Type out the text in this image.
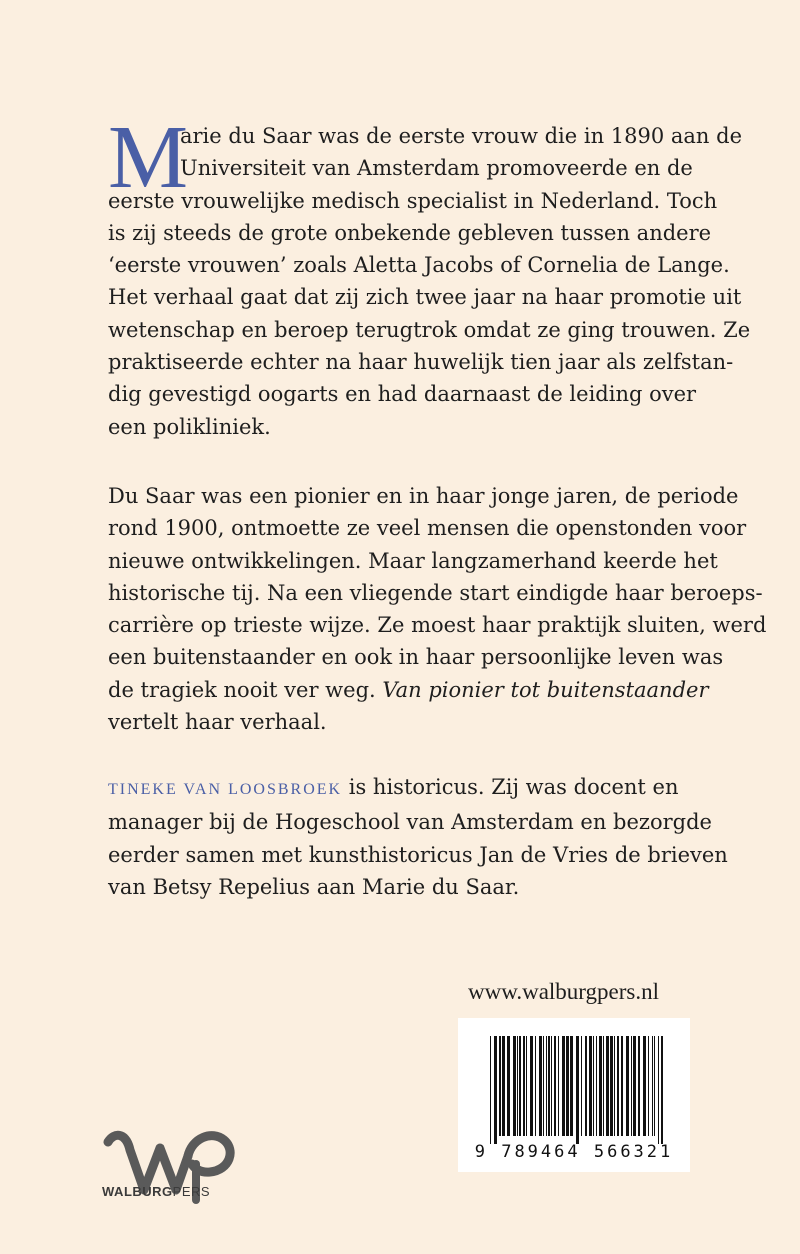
M
arie du Saar was de eerste vrouw die in 1890 aan de
Universiteit van Amsterdam promoveerde en de
eerste vrouwelijke medisch specialist in Nederland. Toch
is zij steeds de grote onbekende gebleven tussen andere
‘eerste vrouwen’ zoals Aletta Jacobs of Cornelia de Lange.
Het verhaal gaat dat zij zich twee jaar na haar promotie uit
wetenschap en beroep terugtrok omdat ze ging trouwen. Ze
praktiseerde echter na haar huwelijk tien jaar als zelfstan-
dig gevestigd oogarts en had daarnaast de leiding over
een polikliniek.
Du Saar was een pionier en in haar jonge jaren, de periode
rond 1900, ontmoette ze veel mensen die openstonden voor
nieuwe ontwikkelingen. Maar langzamerhand keerde het
historische tij. Na een vliegende start eindigde haar beroeps-
carrière op trieste wijze. Ze moest haar praktijk sluiten, werd
een buitenstaander en ook in haar persoonlijke leven was
de tragiek nooit ver weg. Van pionier tot buitenstaander
vertelt haar verhaal.
TINEKE VAN LOOSBROEK is historicus. Zij was docent en
manager bij de Hogeschool van Amsterdam en bezorgde
eerder samen met kunsthistoricus Jan de Vries de brieven
van Betsy Repelius aan Marie du Saar.
www.walburgpers.nl
9 789464 566321
WALBURGPERS
